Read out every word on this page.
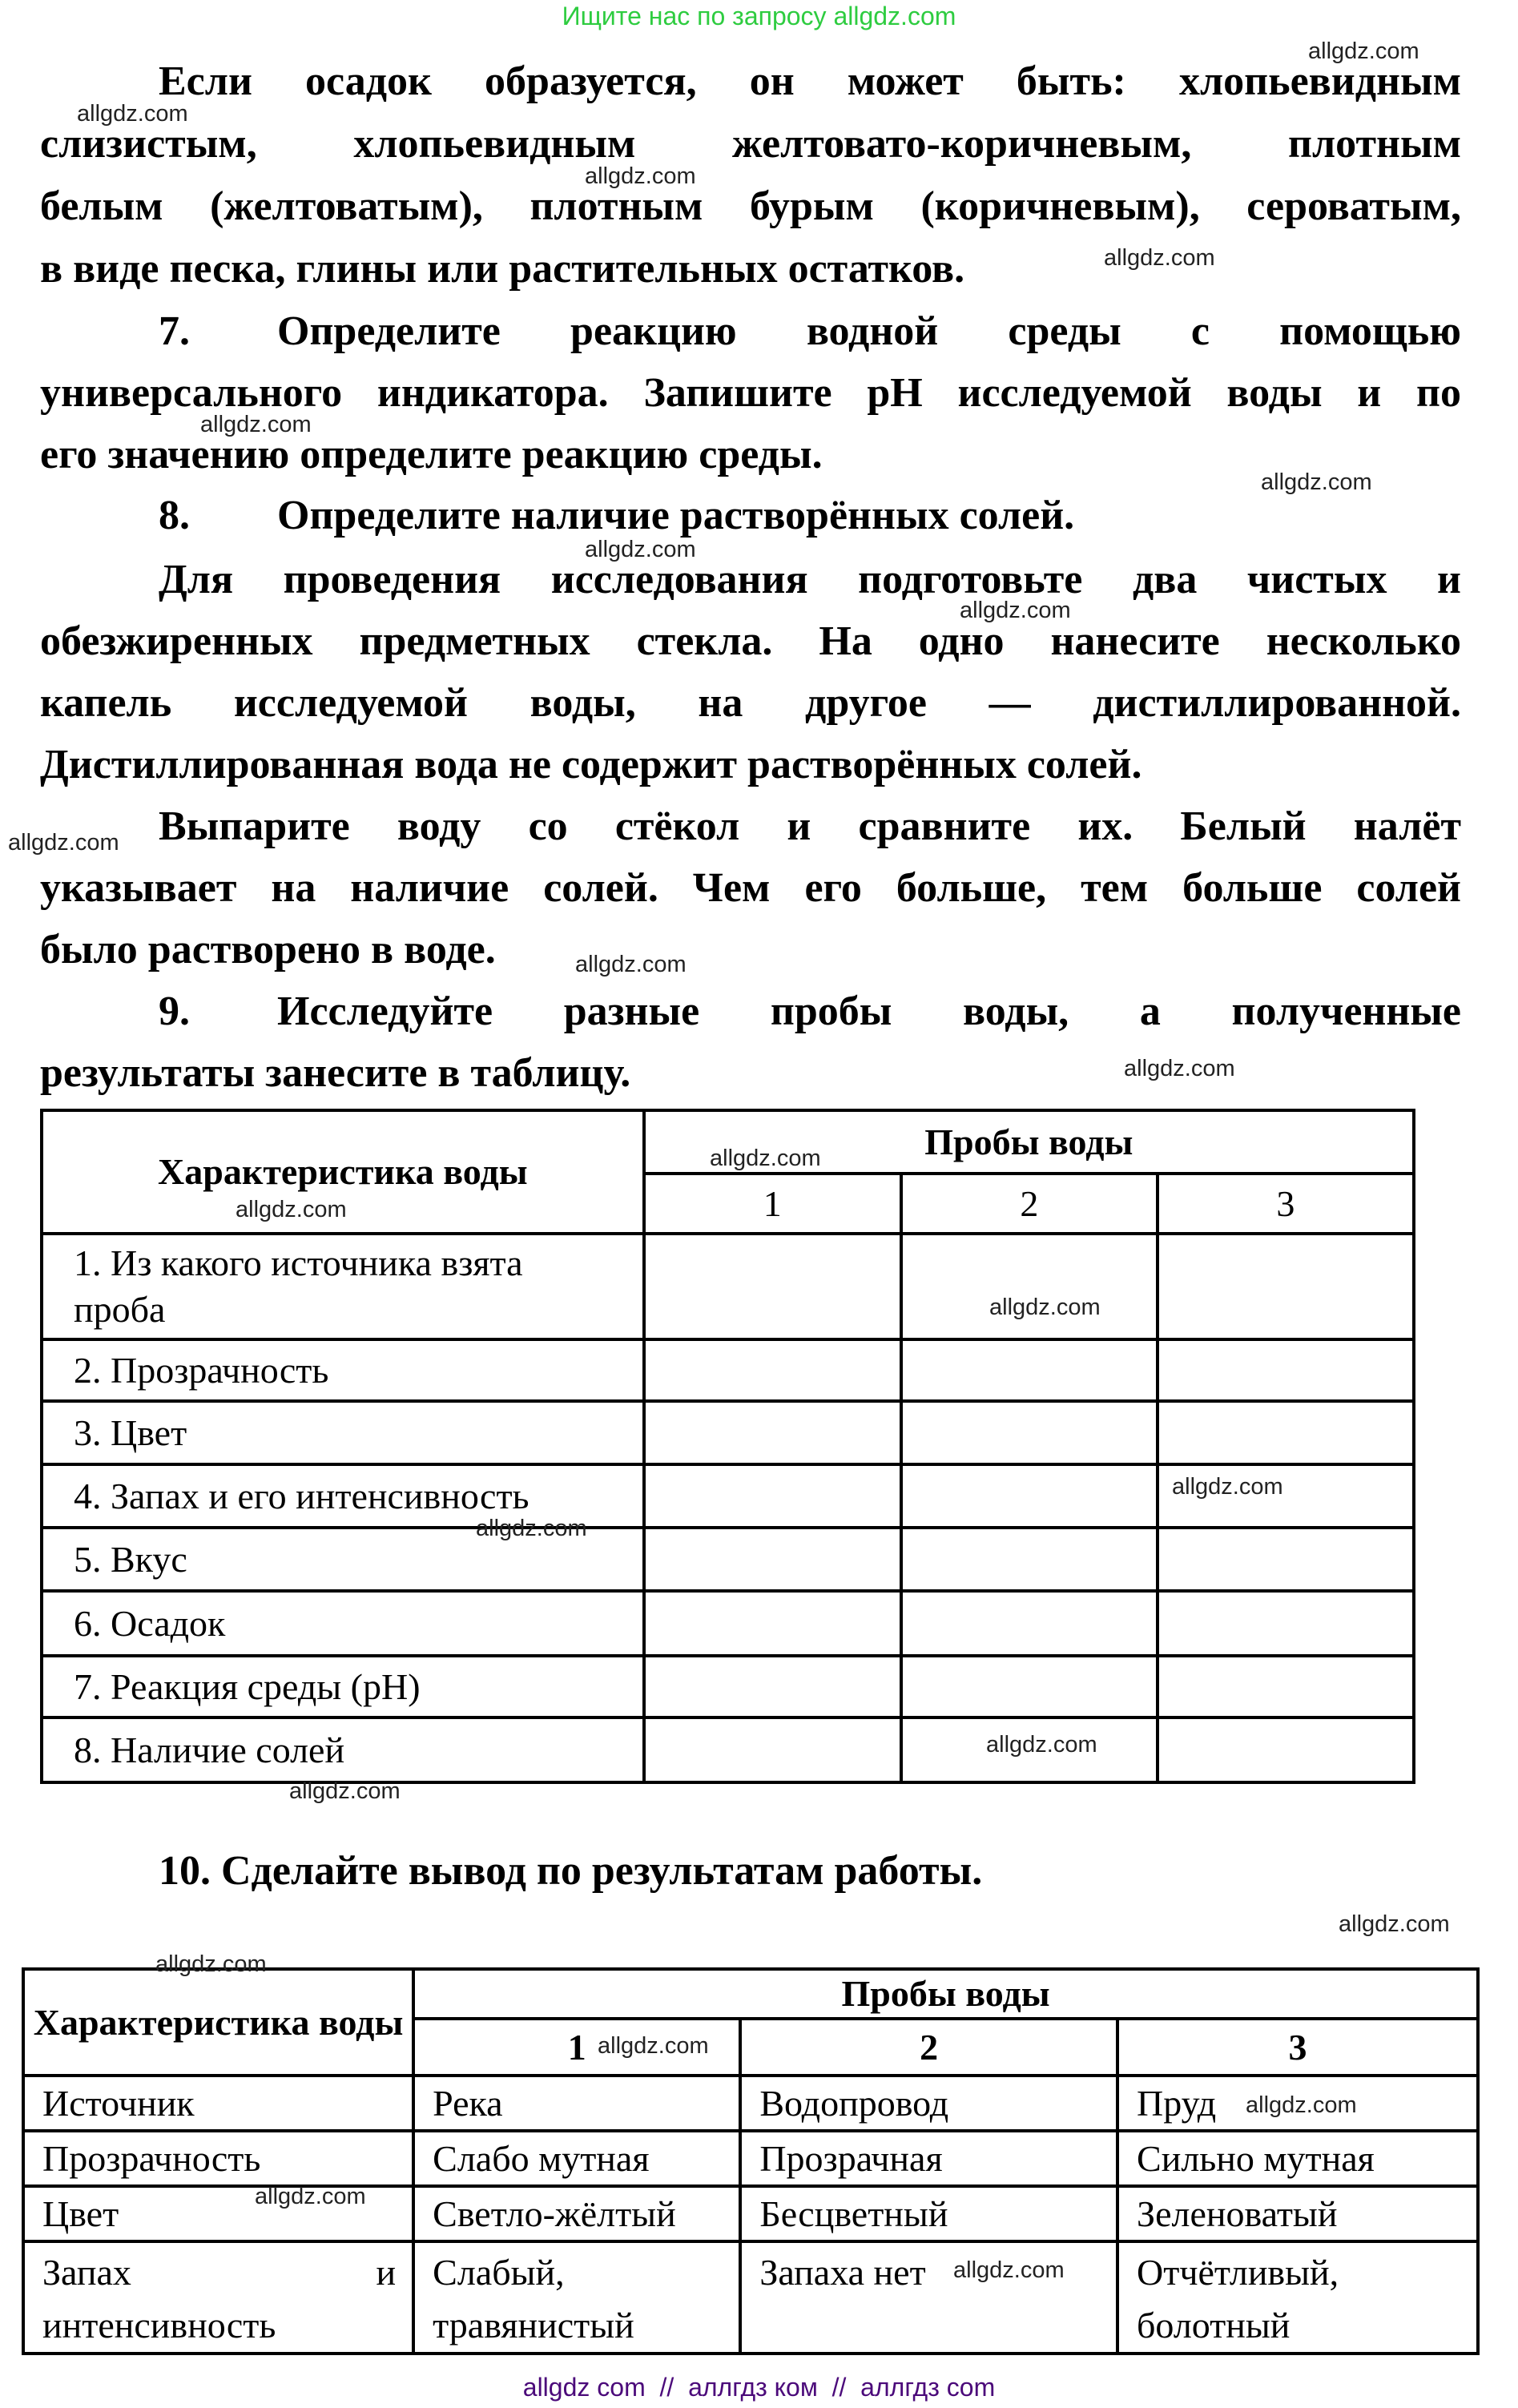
Ищите нас по запросу allgdz.com
Если осадок образуется, он может быть: хлопьевидным
слизистым, хлопьевидным желтовато-коричневым, плотным
белым (желтоватым), плотным бурым (коричневым), сероватым,
в виде песка, глины или растительных остатков.
7. Определите реакцию водной среды с помощью
универсального индикатора. Запишите pH исследуемой воды и по
его значению определите реакцию среды.
8. Определите наличие растворённых солей.
Для проведения исследования подготовьте два чистых и
обезжиренных предметных стекла. На одно нанесите несколько
капель исследуемой воды, на другое — дистиллированной.
Дистиллированная вода не содержит растворённых солей.
Выпарите воду со стёкол и сравните их. Белый налёт
указывает на наличие солей. Чем его больше, тем больше солей
было растворено в воде.
9. Исследуйте разные пробы воды, а полученные
результаты занесите в таблицу.
Характеристика воды	Пробы воды		
	1	2	3
1. Из какого источника взята проба			
2. Прозрачность			
3. Цвет			
4. Запах и его интенсивность			
5. Вкус			
6. Осадок			
7. Реакция среды (pH)			
8. Наличие солей			
10. Сделайте вывод по результатам работы.
Характеристика воды	Пробы воды		
	1	2	3
Источник	Река	Водопровод	Пруд
Прозрачность	Слабо мутная	Прозрачная	Сильно мутная
Цвет	Светло-жёлтый	Бесцветный	Зеленоватый
Запах и интенсивность	Слабый, травянистый	Запаха нет	Отчётливый, болотный
allgdz.com
allgdz.com
allgdz.com
allgdz.com
allgdz.com
allgdz.com
allgdz.com
allgdz.com
allgdz.com
allgdz.com
allgdz.com
allgdz.com
allgdz.com
allgdz.com
allgdz.com
allgdz.com
allgdz.com
allgdz.com
allgdz.com
allgdz.com
allgdz.com
allgdz.com
allgdz.com
allgdz.com
allgdz com  //  аллгдз ком  //  аллгдз com
